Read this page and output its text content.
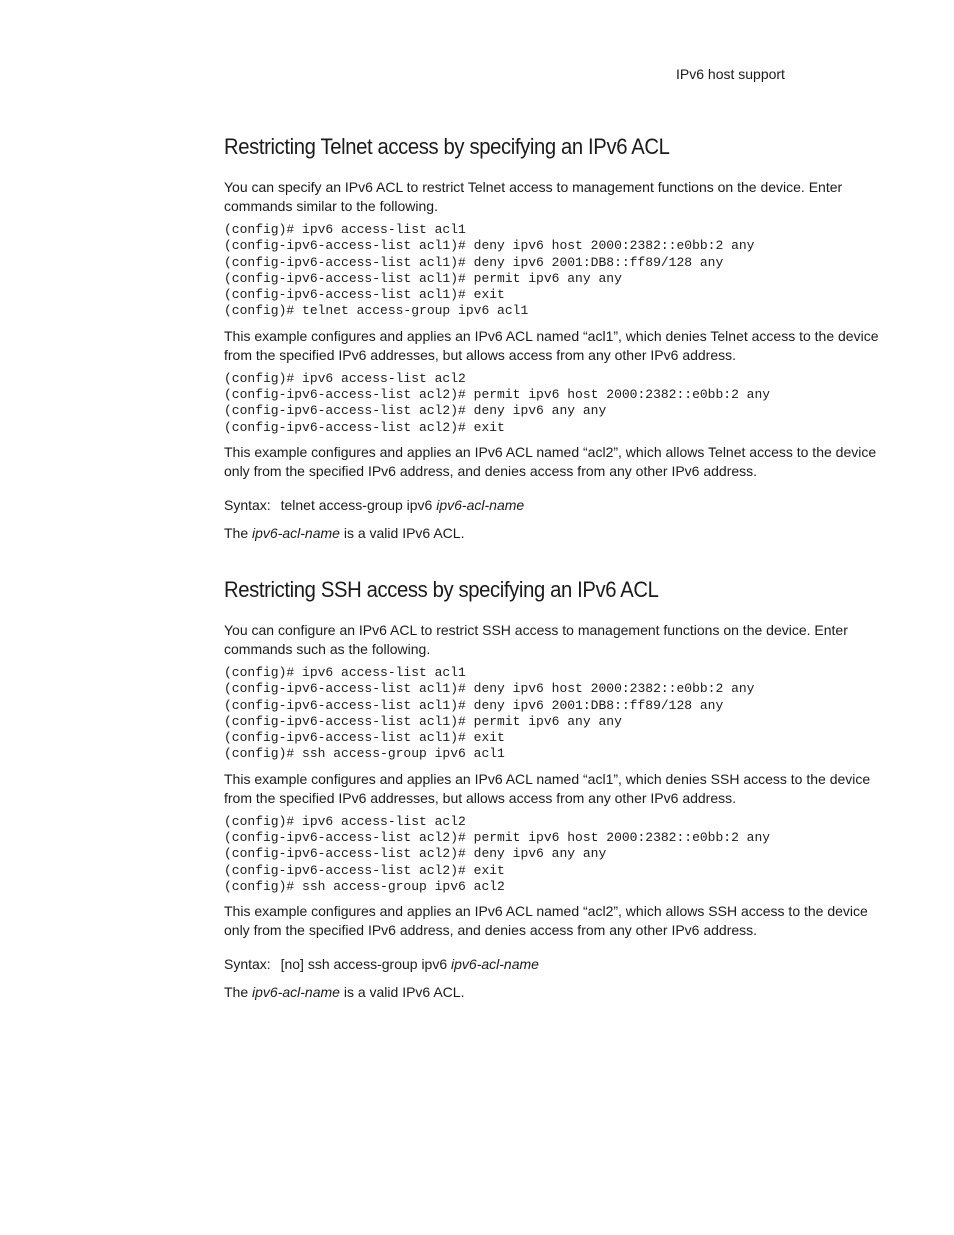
IPv6 host support
Restricting Telnet access by specifying an IPv6 ACL

You can specify an IPv6 ACL to restrict Telnet access to management functions on the device. Enter commands similar to the following.

(config)# ipv6 access-list acl1
(config-ipv6-access-list acl1)# deny ipv6 host 2000:2382::e0bb:2 any
(config-ipv6-access-list acl1)# deny ipv6 2001:DB8::ff89/128 any
(config-ipv6-access-list acl1)# permit ipv6 any any
(config-ipv6-access-list acl1)# exit
(config)# telnet access-group ipv6 acl1

This example configures and applies an IPv6 ACL named “acl1”, which denies Telnet access to the device from the specified IPv6 addresses, but allows access from any other IPv6 address.

(config)# ipv6 access-list acl2
(config-ipv6-access-list acl2)# permit ipv6 host 2000:2382::e0bb:2 any
(config-ipv6-access-list acl2)# deny ipv6 any any
(config-ipv6-access-list acl2)# exit

This example configures and applies an IPv6 ACL named “acl2”, which allows Telnet access to the device only from the specified IPv6 address, and denies access from any other IPv6 address.

Syntax: telnet access-group ipv6 ipv6-acl-name

The ipv6-acl-name is a valid IPv6 ACL.

Restricting SSH access by specifying an IPv6 ACL

You can configure an IPv6 ACL to restrict SSH access to management functions on the device. Enter commands such as the following.

(config)# ipv6 access-list acl1
(config-ipv6-access-list acl1)# deny ipv6 host 2000:2382::e0bb:2 any
(config-ipv6-access-list acl1)# deny ipv6 2001:DB8::ff89/128 any
(config-ipv6-access-list acl1)# permit ipv6 any any
(config-ipv6-access-list acl1)# exit
(config)# ssh access-group ipv6 acl1

This example configures and applies an IPv6 ACL named “acl1”, which denies SSH access to the device from the specified IPv6 addresses, but allows access from any other IPv6 address.

(config)# ipv6 access-list acl2
(config-ipv6-access-list acl2)# permit ipv6 host 2000:2382::e0bb:2 any
(config-ipv6-access-list acl2)# deny ipv6 any any
(config-ipv6-access-list acl2)# exit
(config)# ssh access-group ipv6 acl2

This example configures and applies an IPv6 ACL named “acl2”, which allows SSH access to the device only from the specified IPv6 address, and denies access from any other IPv6 address.

Syntax: [no] ssh access-group ipv6 ipv6-acl-name

The ipv6-acl-name is a valid IPv6 ACL.
